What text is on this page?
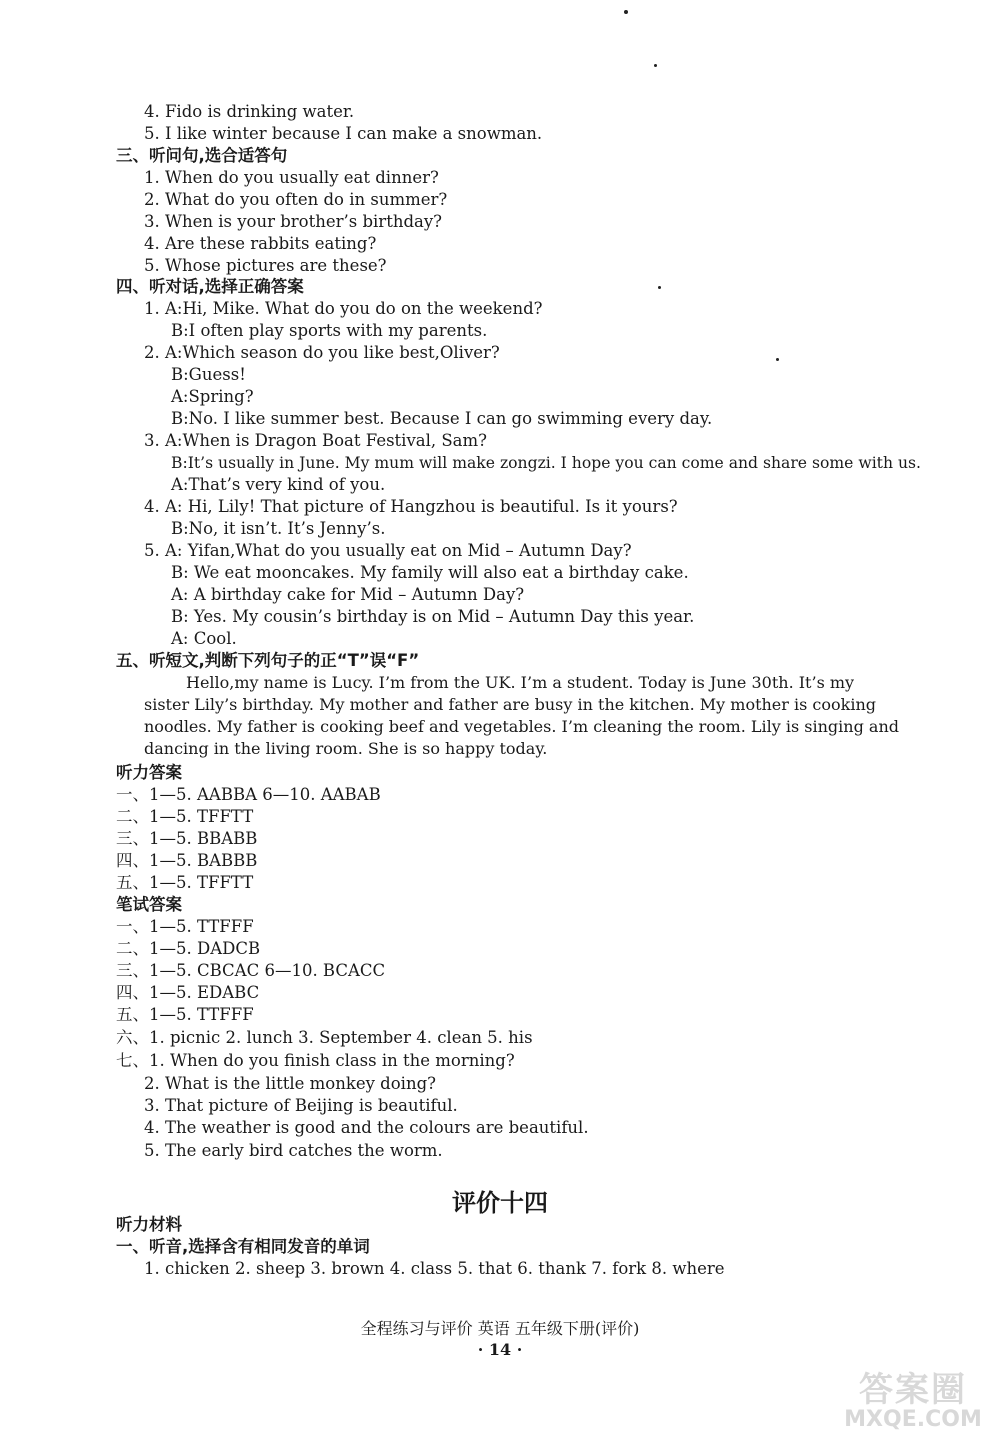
4. Fido is drinking water.
5. I like winter because I can make a snowman.
三、听问句,选合适答句
1. When do you usually eat dinner?
2. What do you often do in summer?
3. When is your brother’s birthday?
4. Are these rabbits eating?
5. Whose pictures are these?
四、听对话,选择正确答案
1. A:Hi, Mike. What do you do on the weekend?
B:I often play sports with my parents.
2. A:Which season do you like best,Oliver?
B:Guess!
A:Spring?
B:No. I like summer best. Because I can go swimming every day.
3. A:When is Dragon Boat Festival, Sam?
B:It’s usually in June. My mum will make zongzi. I hope you can come and share some with us.
A:That’s very kind of you.
4. A: Hi, Lily! That picture of Hangzhou is beautiful. Is it yours?
B:No, it isn’t. It’s Jenny’s.
5. A: Yifan,What do you usually eat on Mid – Autumn Day?
B: We eat mooncakes. My family will also eat a birthday cake.
A: A birthday cake for Mid – Autumn Day?
B: Yes. My cousin’s birthday is on Mid – Autumn Day this year.
A: Cool.
五、听短文,判断下列句子的正“T”误“F”
Hello,my name is Lucy. I’m from the UK. I’m a student. Today is June 30th. It’s my
sister Lily’s birthday. My mother and father are busy in the kitchen. My mother is cooking
noodles. My father is cooking beef and vegetables. I’m cleaning the room. Lily is singing and
dancing in the living room. She is so happy today.
听力答案
一、1—5. AABBA 6—10. AABAB
二、1—5. TFFTT
三、1—5. BBABB
四、1—5. BABBB
五、1—5. TFFTT
笔试答案
一、1—5. TTFFF
二、1—5. DADCB
三、1—5. CBCAC 6—10. BCACC
四、1—5. EDABC
五、1—5. TTFFF
六、1. picnic 2. lunch 3. September 4. clean 5. his
七、1. When do you finish class in the morning?
2. What is the little monkey doing?
3. That picture of Beijing is beautiful.
4. The weather is good and the colours are beautiful.
5. The early bird catches the worm.
评价十四
听力材料
一、听音,选择含有相同发音的单词
1. chicken 2. sheep 3. brown 4. class 5. that 6. thank 7. fork 8. where
全程练习与评价 英语 五年级下册(评价)
· 14 ·
答案圈
MXQE.COM
